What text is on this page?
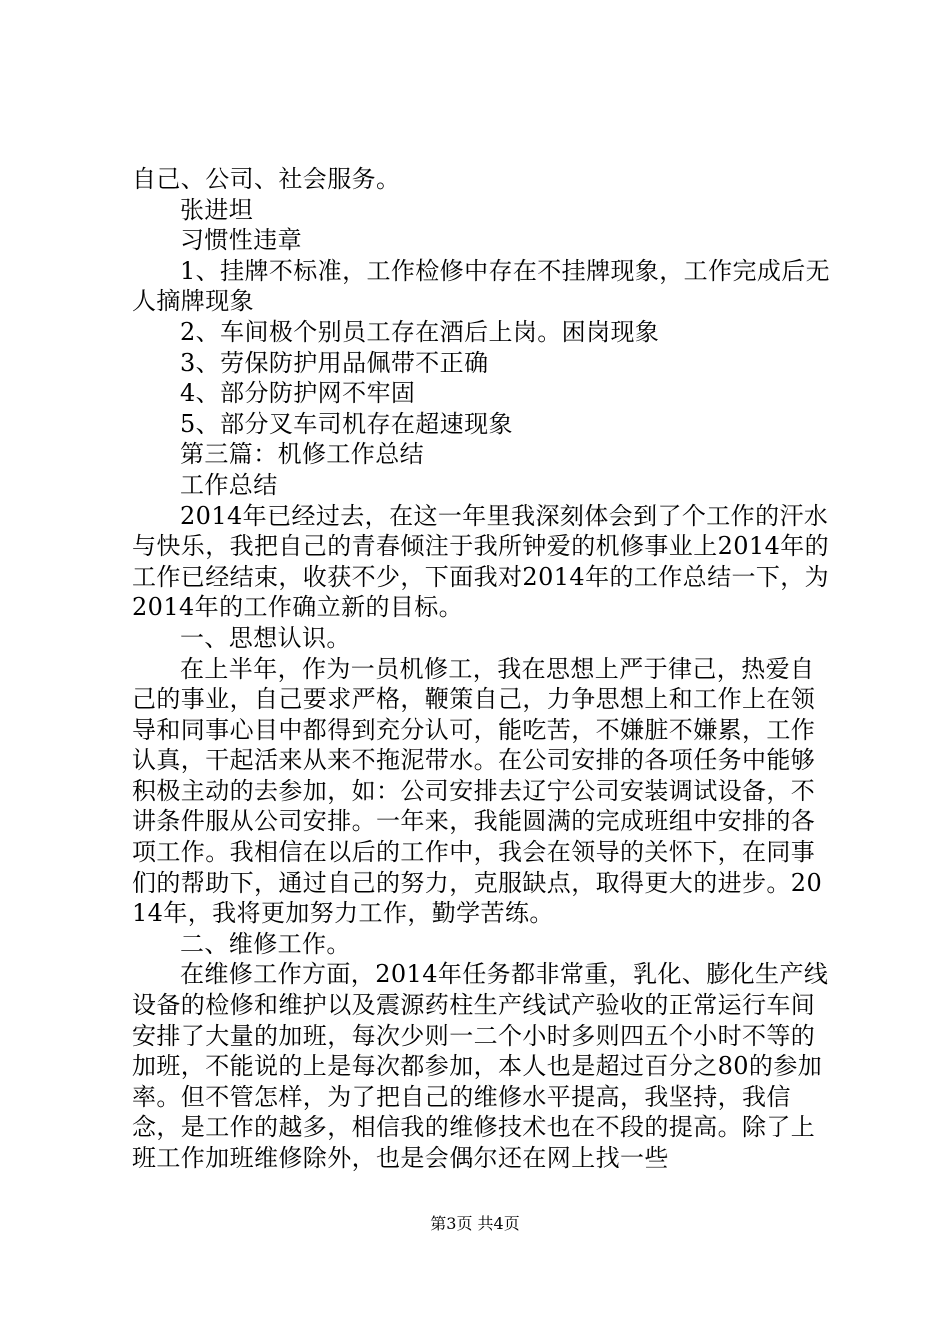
自己、公司、社会服务。

张进坦

习惯性违章

1、挂牌不标准，工作检修中存在不挂牌现象，工作完成后无人摘牌现象

2、车间极个别员工存在酒后上岗。困岗现象

3、劳保防护用品佩带不正确

4、部分防护网不牢固

5、部分叉车司机存在超速现象

第三篇：机修工作总结

工作总结

2014年已经过去，在这一年里我深刻体会到了个工作的汗水与快乐，我把自己的青春倾注于我所钟爱的机修事业上2014年的工作已经结束，收获不少，下面我对2014年的工作总结一下，为2014年的工作确立新的目标。

一、思想认识。

在上半年，作为一员机修工，我在思想上严于律己，热爱自己的事业，自己要求严格，鞭策自己，力争思想上和工作上在领导和同事心目中都得到充分认可，能吃苦，不嫌脏不嫌累，工作认真，干起活来从来不拖泥带水。在公司安排的各项任务中能够积极主动的去参加，如：公司安排去辽宁公司安装调试设备，不讲条件服从公司安排。一年来，我能圆满的完成班组中安排的各项工作。我相信在以后的工作中，我会在领导的关怀下，在同事们的帮助下，通过自己的努力，克服缺点，取得更大的进步。2014年，我将更加努力工作，勤学苦练。

二、维修工作。

在维修工作方面，2014年任务都非常重，乳化、膨化生产线设备的检修和维护以及震源药柱生产线试产验收的正常运行车间安排了大量的加班，每次少则一二个小时多则四五个小时不等的加班，不能说的上是每次都参加，本人也是超过百分之80的参加率。但不管怎样，为了把自己的维修水平提高，我坚持，我信念，是工作的越多，相信我的维修技术也在不段的提高。除了上班工作加班维修除外，也是会偶尔还在网上找一些

第3页 共4页
